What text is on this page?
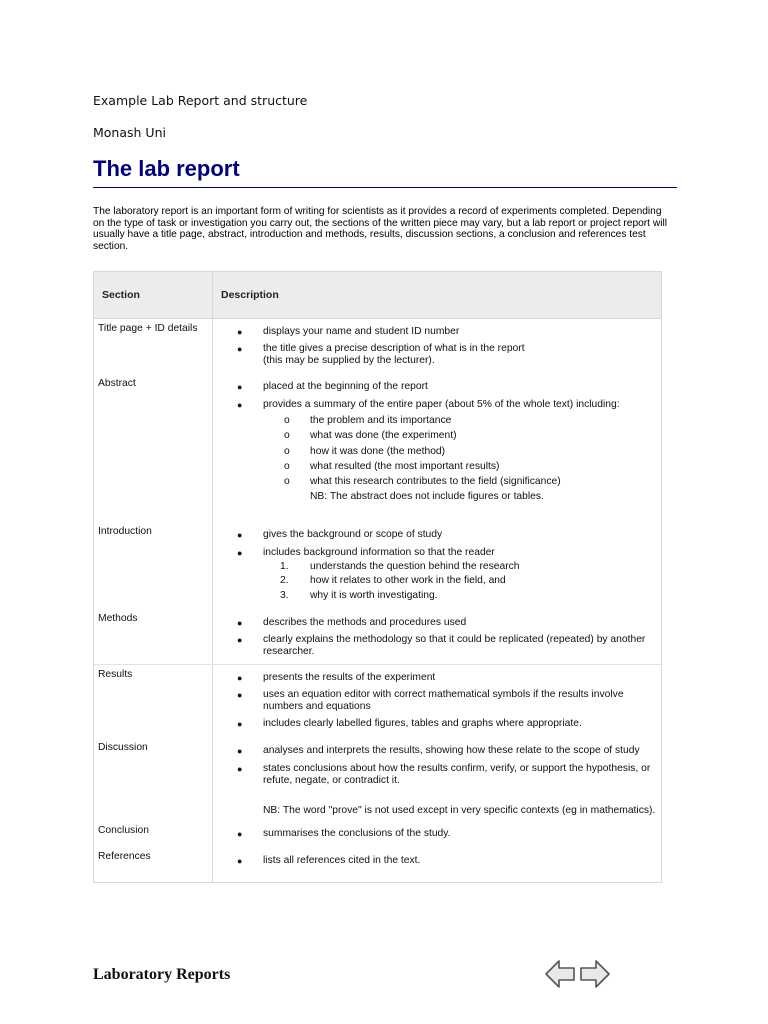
Example Lab Report and structure
Monash Uni
The lab report

The laboratory report is an important form of writing for scientists as it provides a record of experiments completed. Depending on the type of task or investigation you carry out, the sections of the written piece may vary, but a lab report or project report will usually have a title page, abstract, introduction and methods, results, discussion sections, a conclusion and references test section.

Section	Description
Title page + ID details	● displays your name and student ID number
● the title gives a precise description of what is in the report
(this may be supplied by the lecturer).
Abstract	● placed at the beginning of the report
● provides a summary of the entire paper (about 5% of the whole text) including:
o	the problem and its importance
o	what was done (the experiment)
o	how it was done (the method)
o	what resulted (the most important results)
o	what this research contributes to the field (significance)
NB: The abstract does not include figures or tables.
Introduction	● gives the background or scope of study
● includes background information so that the reader
1.	understands the question behind the research
2.	how it relates to other work in the field, and
3.	why it is worth investigating.
Methods	● describes the methods and procedures used
● clearly explains the methodology so that it could be replicated (repeated) by another researcher.
Results	● presents the results of the experiment
● uses an equation editor with correct mathematical symbols if the results involve numbers and equations
● includes clearly labelled figures, tables and graphs where appropriate.
Discussion	● analyses and interprets the results, showing how these relate to the scope of study
● states conclusions about how the results confirm, verify, or support the hypothesis, or refute, negate, or contradict it.
NB: The word "prove" is not used except in very specific contexts (eg in mathematics).
Conclusion	● summarises the conclusions of the study.
References	● lists all references cited in the text.
Laboratory Reports
